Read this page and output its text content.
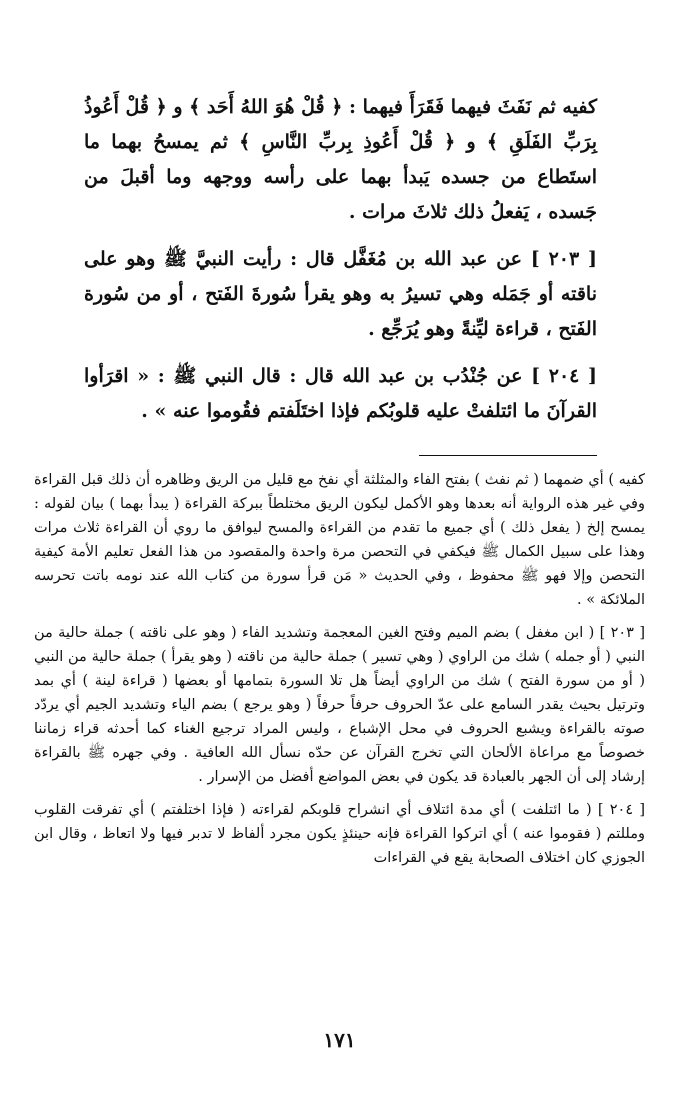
كفيه ثم نَفَثَ فيهما فَقَرَأَ فيهما : ﴿ قُلْ هُوَ اللهُ أَحَد ﴾ و ﴿ قُلْ أَعُوذُ بِرَبِّ الفَلَقِ ﴾ و ﴿ قُلْ أَعُوذِ بِربِّ النَّاسِ ﴾ ثم يمسحُ بهما ما استَطاع من جسده يَبدأ بهما على رأسه ووجهه وما أقبلَ من جَسده ، يَفعلُ ذلك ثلاثَ مرات .

[ ٢٠٣ ] عن عبد الله بن مُغَفَّل قال : رأيت النبيَّ ﷺ وهو على ناقته أو جَمَله وهي تسيرُ به وهو يقرأ سُورةَ الفَتح ، أو من سُورة الفَتح ، قراءة ليِّنةً وهو يُرَجِّع .

[ ٢٠٤ ] عن جُنْدُب بن عبد الله قال : قال النبي ﷺ : « اقرَأوا القرآنَ ما ائتلفتْ عليه قلوبُكم فإذا اختَلَفتم فقُوموا عنه » .

كفيه ) أي ضمهما ( ثم نفث ) بفتح الفاء والمثلثة أي نفخ مع قليل من الريق وظاهره أن ذلك قبل القراءة وفي غير هذه الرواية أنه بعدها وهو الأكمل ليكون الريق مختلطاً ببركة القراءة ( يبدأ بهما ) بيان لقوله : يمسح إلخ ( يفعل ذلك ) أي جميع ما تقدم من القراءة والمسح ليوافق ما روي أن القراءة ثلاث مرات وهذا على سبيل الكمال ﷺ فيكفي في التحصن مرة واحدة والمقصود من هذا الفعل تعليم الأمة كيفية التحصن وإلا فهو ﷺ محفوظ ، وفي الحديث « مَن قرأ سورة من كتاب الله عند نومه باتت تحرسه الملائكة » .

[ ٢٠٣ ] ( ابن مغفل ) بضم الميم وفتح الغين المعجمة وتشديد الفاء ( وهو على ناقته ) جملة حالية من النبي ( أو جمله ) شك من الراوي ( وهي تسير ) جملة حالية من ناقته ( وهو يقرأ ) جملة حالية من النبي ( أو من سورة الفتح ) شك من الراوي أيضاً هل تلا السورة بتمامها أو بعضها ( قراءة لينة ) أي بمد وترتيل بحيث يقدر السامع على عدّ الحروف حرفاً حرفاً ( وهو يرجع ) بضم الياء وتشديد الجيم أي يردّد صوته بالقراءة ويشبع الحروف في محل الإشباع ، وليس المراد ترجيع الغناء كما أحدثه قراء زماننا خصوصاً مع مراعاة الألحان التي تخرج القرآن عن حدّه نسأل الله العافية . وفي جهره ﷺ بالقراءة إرشاد إلى أن الجهر بالعبادة قد يكون في بعض المواضع أفضل من الإسرار .

[ ٢٠٤ ] ( ما ائتلفت ) أي مدة ائتلاف أي انشراح قلوبكم لقراءته ( فإذا اختلفتم ) أي تفرقت القلوب ومللتم ( فقوموا عنه ) أي اتركوا القراءة فإنه حينئذٍ يكون مجرد ألفاظ لا تدبر فيها ولا اتعاظ ، وقال ابن الجوزي كان اختلاف الصحابة يقع في القراءات

١٧١
